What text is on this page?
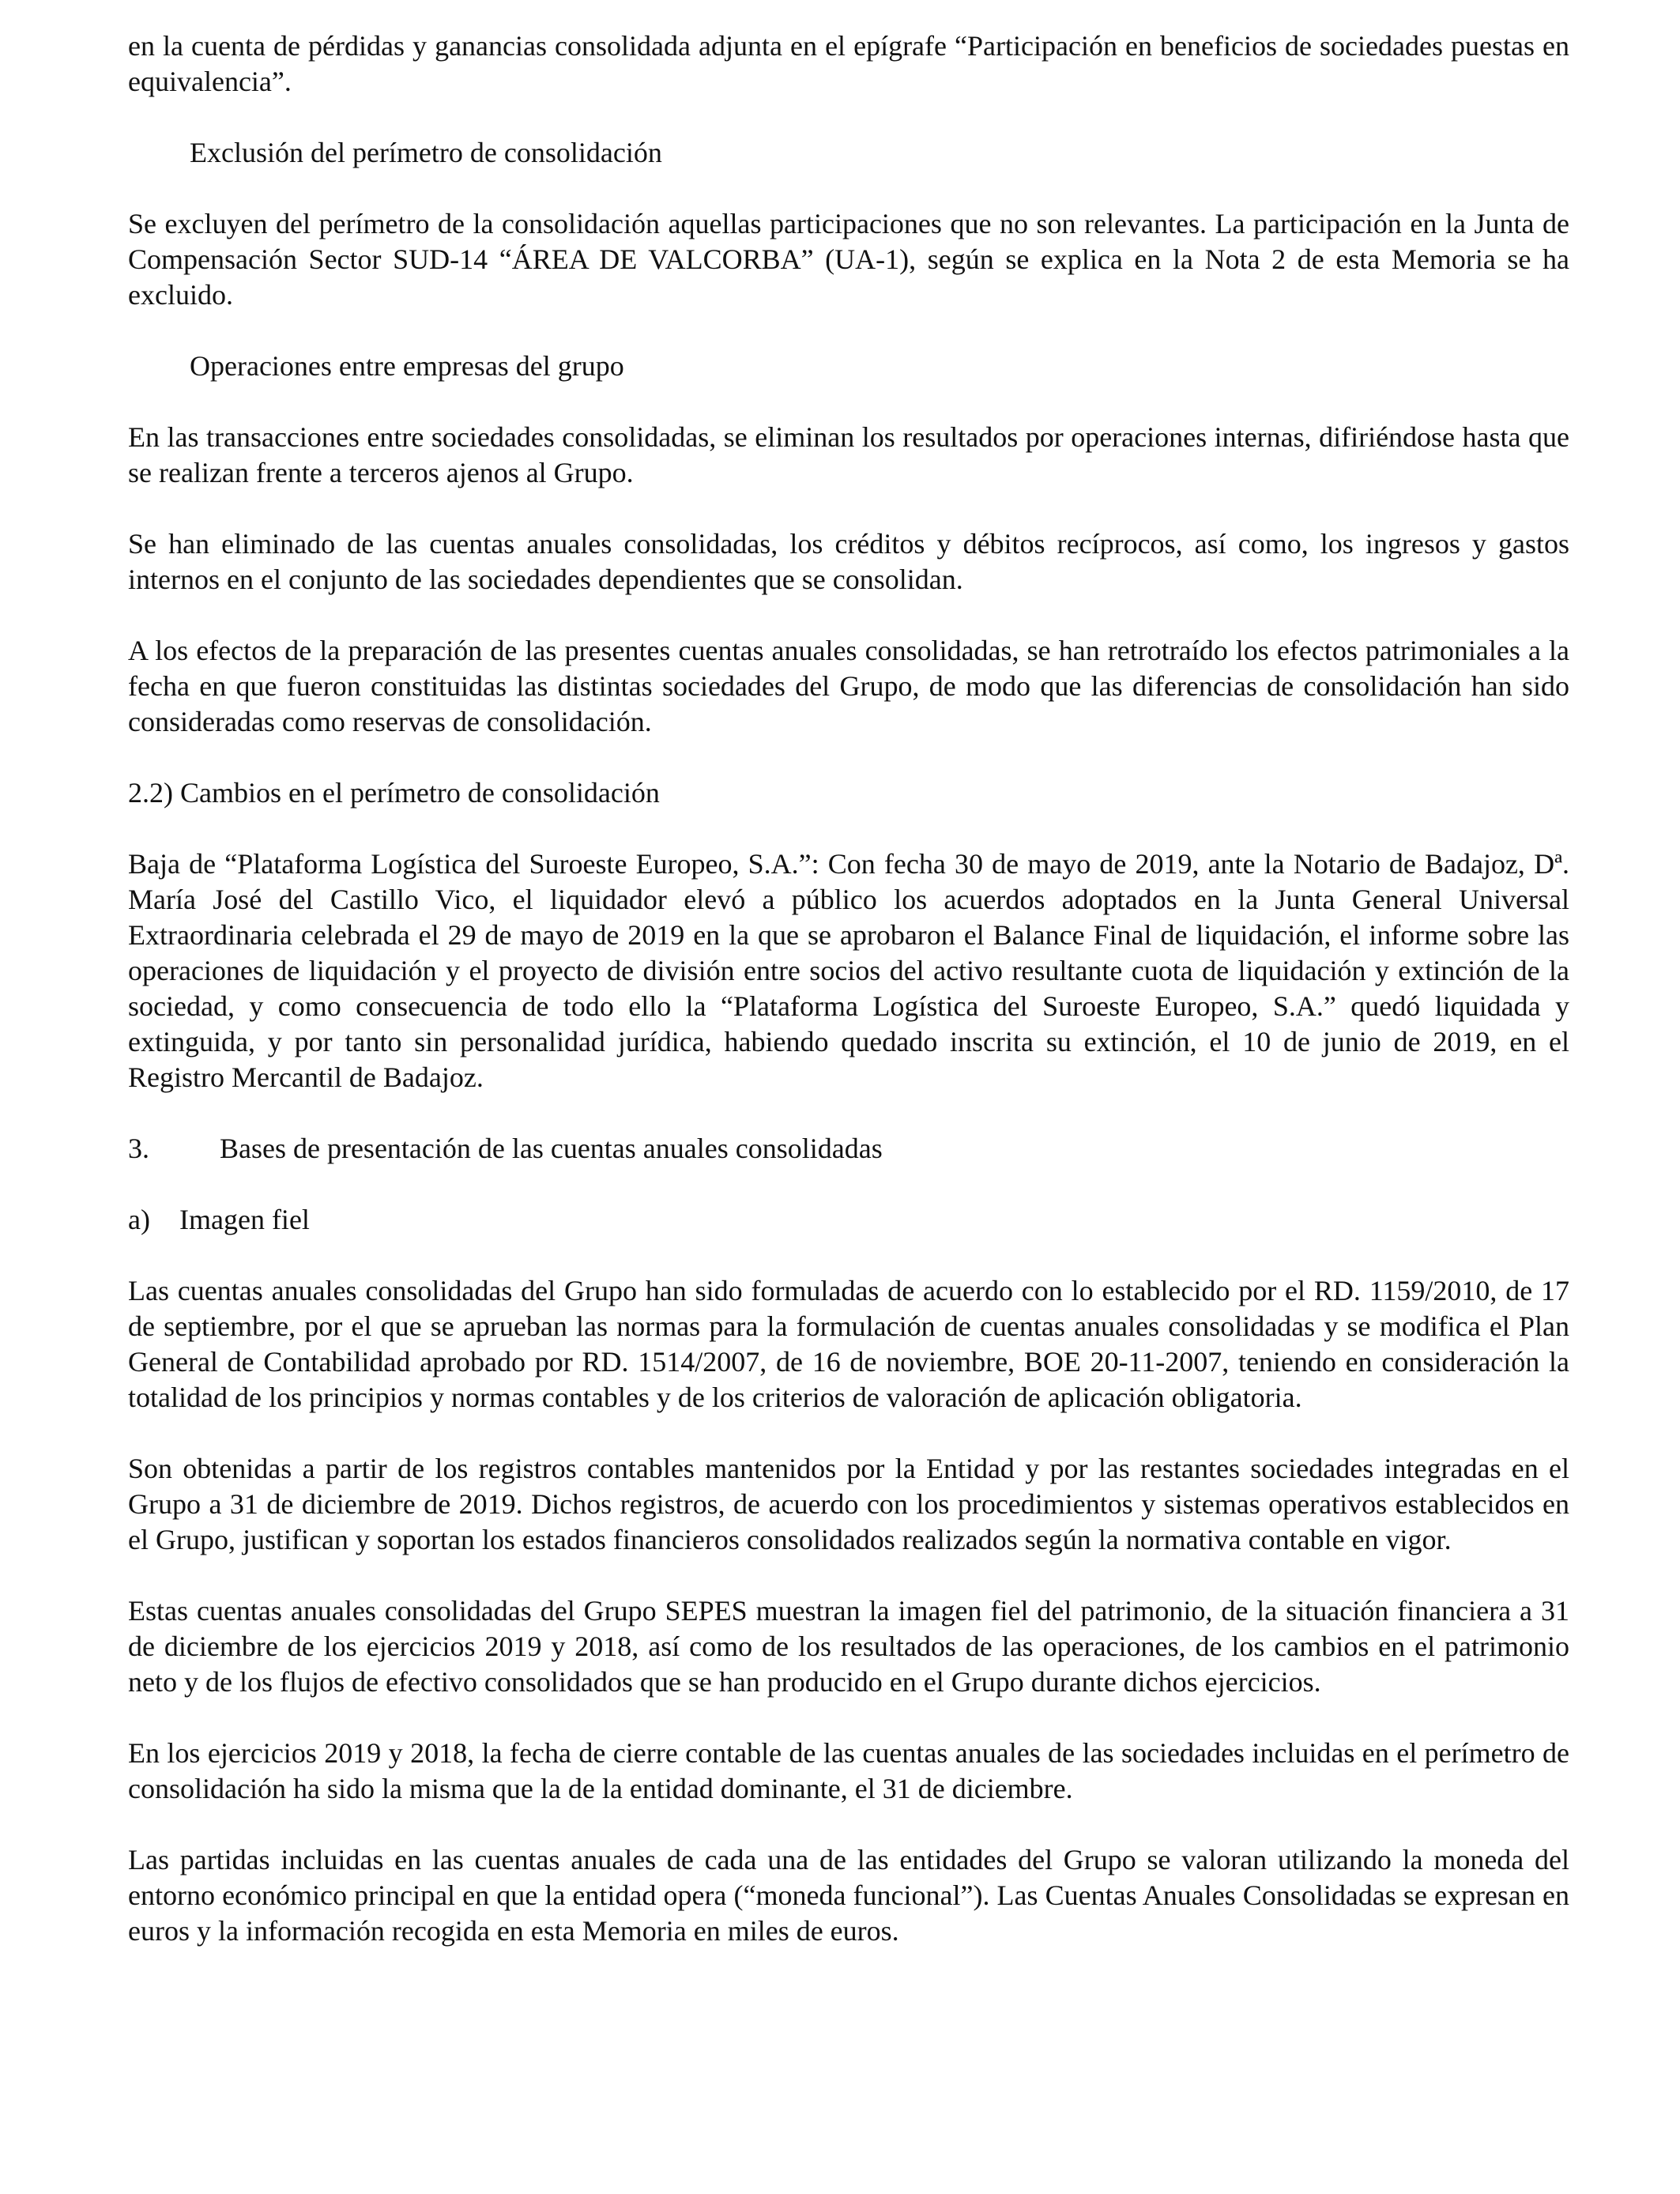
en la cuenta de pérdidas y ganancias consolidada adjunta en el epígrafe “Participación en beneficios de sociedades puestas en equivalencia”.

Exclusión del perímetro de consolidación

Se excluyen del perímetro de la consolidación aquellas participaciones que no son relevantes. La participación en la Junta de Compensación Sector SUD-14 “ÁREA DE VALCORBA” (UA-1), según se explica en la Nota 2 de esta Memoria se ha excluido.

Operaciones entre empresas del grupo

En las transacciones entre sociedades consolidadas, se eliminan los resultados por operaciones internas, difiriéndose hasta que se realizan frente a terceros ajenos al Grupo.

Se han eliminado de las cuentas anuales consolidadas, los créditos y débitos recíprocos, así como, los ingresos y gastos internos en el conjunto de las sociedades dependientes que se consolidan.

A los efectos de la preparación de las presentes cuentas anuales consolidadas, se han retrotraído los efectos patrimoniales a la fecha en que fueron constituidas las distintas sociedades del Grupo, de modo que las diferencias de consolidación han sido consideradas como reservas de consolidación.

2.2) Cambios en el perímetro de consolidación

Baja de “Plataforma Logística del Suroeste Europeo, S.A.”: Con fecha 30 de mayo de 2019, ante la Notario de Badajoz, Dª. María José del Castillo Vico, el liquidador elevó a público los acuerdos adoptados en la Junta General Universal Extraordinaria celebrada el 29 de mayo de 2019 en la que se aprobaron el Balance Final de liquidación, el informe sobre las operaciones de liquidación y el proyecto de división entre socios del activo resultante cuota de liquidación y extinción de la sociedad, y como consecuencia de todo ello la “Plataforma Logística del Suroeste Europeo, S.A.” quedó liquidada y extinguida, y por tanto sin personalidad jurídica, habiendo quedado inscrita su extinción, el 10 de junio de 2019, en el Registro Mercantil de Badajoz.

3.	Bases de presentación de las cuentas anuales consolidadas

a) Imagen fiel

Las cuentas anuales consolidadas del Grupo han sido formuladas de acuerdo con lo establecido por el RD. 1159/2010, de 17 de septiembre, por el que se aprueban las normas para la formulación de cuentas anuales consolidadas y se modifica el Plan General de Contabilidad aprobado por RD. 1514/2007, de 16 de noviembre, BOE 20-11-2007, teniendo en consideración la totalidad de los principios y normas contables y de los criterios de valoración de aplicación obligatoria.

Son obtenidas a partir de los registros contables mantenidos por la Entidad y por las restantes sociedades integradas en el Grupo a 31 de diciembre de 2019. Dichos registros, de acuerdo con los procedimientos y sistemas operativos establecidos en el Grupo, justifican y soportan los estados financieros consolidados realizados según la normativa contable en vigor.

Estas cuentas anuales consolidadas del Grupo SEPES muestran la imagen fiel del patrimonio, de la situación financiera a 31 de diciembre de los ejercicios 2019 y 2018, así como de los resultados de las operaciones, de los cambios en el patrimonio neto y de los flujos de efectivo consolidados que se han producido en el Grupo durante dichos ejercicios.

En los ejercicios 2019 y 2018, la fecha de cierre contable de las cuentas anuales de las sociedades incluidas en el perímetro de consolidación ha sido la misma que la de la entidad dominante, el 31 de diciembre.

Las partidas incluidas en las cuentas anuales de cada una de las entidades del Grupo se valoran utilizando la moneda del entorno económico principal en que la entidad opera (“moneda funcional”). Las Cuentas Anuales Consolidadas se expresan en euros y la información recogida en esta Memoria en miles de euros.
